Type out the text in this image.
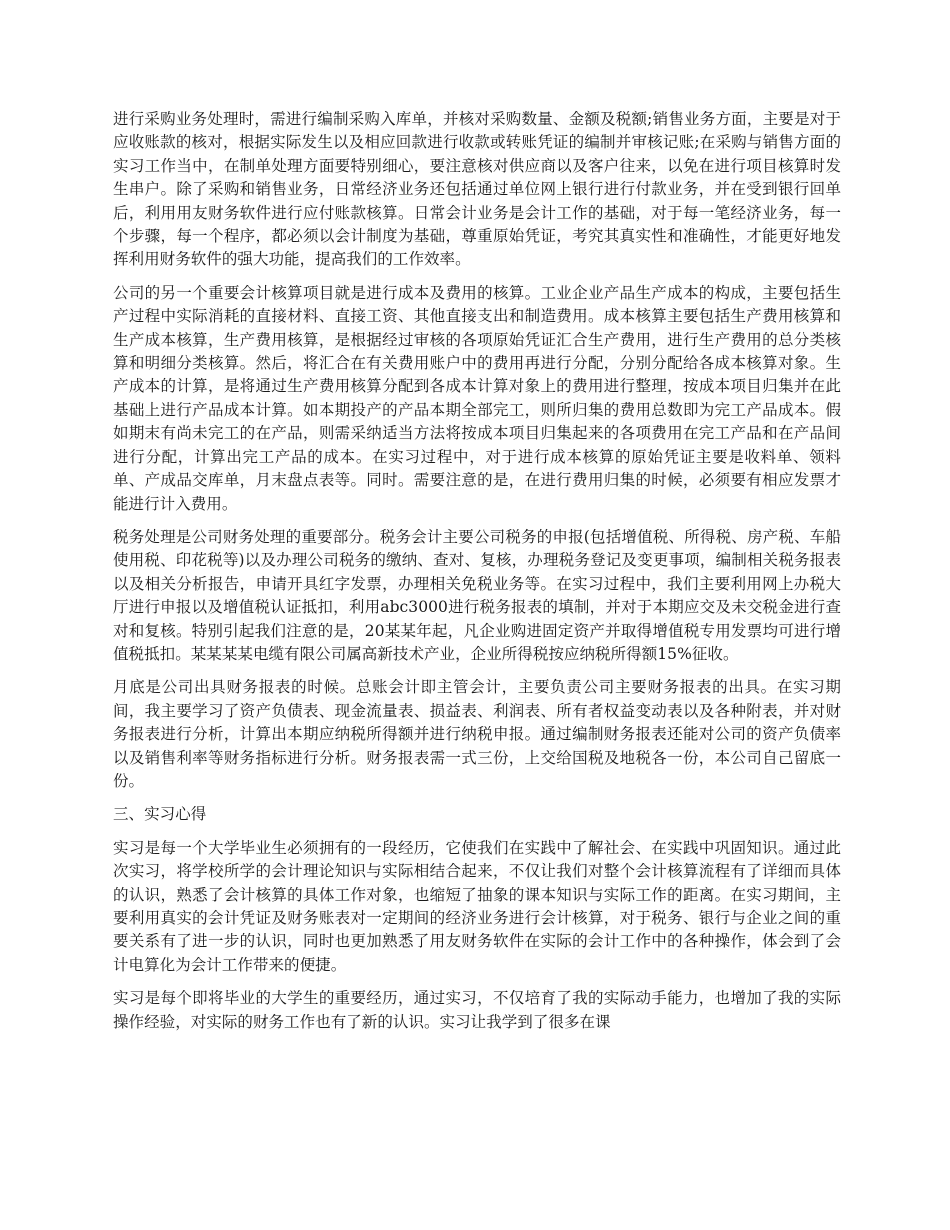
进行采购业务处理时，需进行编制采购入库单，并核对采购数量、金额及税额;销售业务方面，主要是对于应收账款的核对，根据实际发生以及相应回款进行收款或转账凭证的编制并审核记账;在采购与销售方面的实习工作当中，在制单处理方面要特别细心，要注意核对供应商以及客户往来，以免在进行项目核算时发生串户。除了采购和销售业务，日常经济业务还包括通过单位网上银行进行付款业务，并在受到银行回单后，利用用友财务软件进行应付账款核算。日常会计业务是会计工作的基础，对于每一笔经济业务，每一个步骤，每一个程序，都必须以会计制度为基础，尊重原始凭证，考究其真实性和准确性，才能更好地发挥利用财务软件的强大功能，提高我们的工作效率。

公司的另一个重要会计核算项目就是进行成本及费用的核算。工业企业产品生产成本的构成，主要包括生产过程中实际消耗的直接材料、直接工资、其他直接支出和制造费用。成本核算主要包括生产费用核算和生产成本核算，生产费用核算，是根据经过审核的各项原始凭证汇合生产费用，进行生产费用的总分类核算和明细分类核算。然后，将汇合在有关费用账户中的费用再进行分配，分别分配给各成本核算对象。生产成本的计算，是将通过生产费用核算分配到各成本计算对象上的费用进行整理，按成本项目归集并在此基础上进行产品成本计算。如本期投产的产品本期全部完工，则所归集的费用总数即为完工产品成本。假如期末有尚未完工的在产品，则需采纳适当方法将按成本项目归集起来的各项费用在完工产品和在产品间进行分配，计算出完工产品的成本。在实习过程中，对于进行成本核算的原始凭证主要是收料单、领料单、产成品交库单，月末盘点表等。同时。需要注意的是，在进行费用归集的时候，必须要有相应发票才能进行计入费用。

税务处理是公司财务处理的重要部分。税务会计主要公司税务的申报(包括增值税、所得税、房产税、车船使用税、印花税等)以及办理公司税务的缴纳、查对、复核，办理税务登记及变更事项，编制相关税务报表以及相关分析报告，申请开具红字发票，办理相关免税业务等。在实习过程中，我们主要利用网上办税大厅进行申报以及增值税认证抵扣，利用abc3000进行税务报表的填制，并对于本期应交及未交税金进行查对和复核。特别引起我们注意的是，20某某年起，凡企业购进固定资产并取得增值税专用发票均可进行增值税抵扣。某某某某电缆有限公司属高新技术产业，企业所得税按应纳税所得额15%征收。

月底是公司出具财务报表的时候。总账会计即主管会计，主要负责公司主要财务报表的出具。在实习期间，我主要学习了资产负债表、现金流量表、损益表、利润表、所有者权益变动表以及各种附表，并对财务报表进行分析，计算出本期应纳税所得额并进行纳税申报。通过编制财务报表还能对公司的资产负债率以及销售利率等财务指标进行分析。财务报表需一式三份，上交给国税及地税各一份，本公司自己留底一份。

三、实习心得

实习是每一个大学毕业生必须拥有的一段经历，它使我们在实践中了解社会、在实践中巩固知识。通过此次实习，将学校所学的会计理论知识与实际相结合起来，不仅让我们对整个会计核算流程有了详细而具体的认识，熟悉了会计核算的具体工作对象，也缩短了抽象的课本知识与实际工作的距离。在实习期间，主要利用真实的会计凭证及财务账表对一定期间的经济业务进行会计核算，对于税务、银行与企业之间的重要关系有了进一步的认识，同时也更加熟悉了用友财务软件在实际的会计工作中的各种操作，体会到了会计电算化为会计工作带来的便捷。

实习是每个即将毕业的大学生的重要经历，通过实习，不仅培育了我的实际动手能力，也增加了我的实际操作经验，对实际的财务工作也有了新的认识。实习让我学到了很多在课
